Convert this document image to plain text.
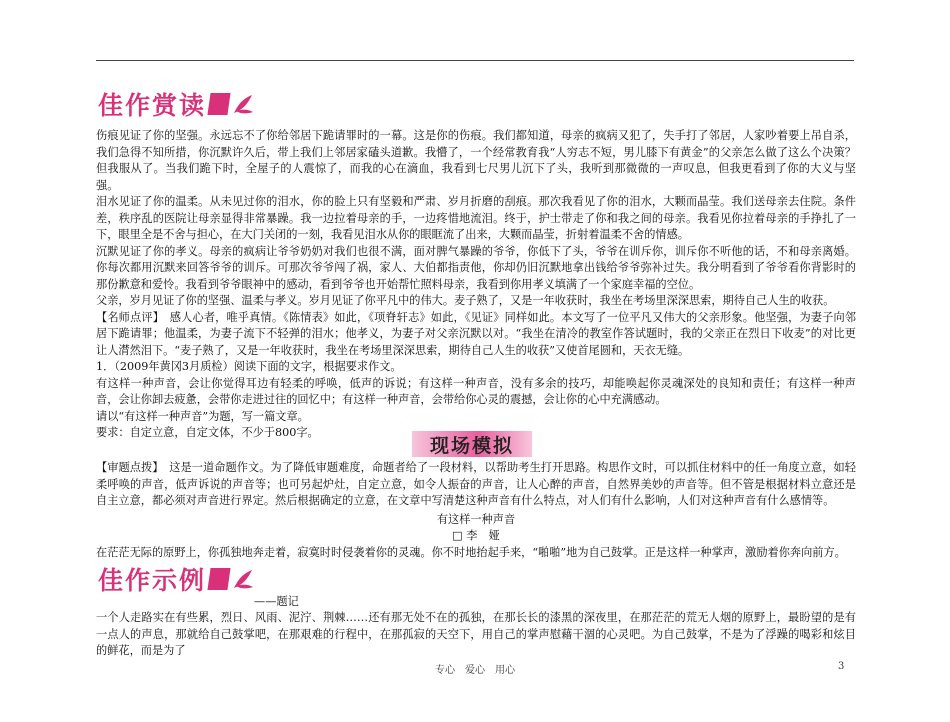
佳作赏读

伤痕见证了你的坚强。永远忘不了你给邻居下跪请罪时的一幕。这是你的伤痕。我们都知道，母亲的疯病又犯了，失手打了邻居，人家吵着要上吊自杀，我们急得不知所措，你沉默许久后，带上我们上邻居家磕头道歉。我懵了，一个经常教育我“人穷志不短，男儿膝下有黄金”的父亲怎么做了这么个决策？但我服从了。当我们跪下时，全屋子的人震惊了，而我的心在滴血，我看到七尺男儿沉下了头，我听到那微微的一声叹息，但我更看到了你的大义与坚强。

泪水见证了你的温柔。从未见过你的泪水，你的脸上只有坚毅和严肃、岁月折磨的刮痕。那次我看见了你的泪水，大颗而晶莹。我们送母亲去住院。条件差，秩序乱的医院让母亲显得非常暴躁。我一边拉着母亲的手，一边疼惜地流泪。终于，护士带走了你和我之间的母亲。我看见你拉着母亲的手挣扎了一下，眼里全是不舍与担心，在大门关闭的一刻，我看见泪水从你的眼眶流了出来，大颗而晶莹，折射着温柔不舍的情感。

沉默见证了你的孝义。母亲的疯病让爷爷奶奶对我们也很不满，面对脾气暴躁的爷爷，你低下了头，爷爷在训斥你，训斥你不听他的话，不和母亲离婚。你每次都用沉默来回答爷爷的训斥。可那次爷爷闯了祸，家人、大伯都指责他，你却仍旧沉默地拿出钱给爷爷弥补过失。我分明看到了爷爷看你背影时的那份歉意和爱怜。我看到爷爷眼神中的感动，看到爷爷也开始帮忙照料母亲，我看到你用孝义填满了一个家庭幸福的空位。

父亲，岁月见证了你的坚强、温柔与孝义。岁月见证了你平凡中的伟大。麦子熟了，又是一年收获时，我坐在考场里深深思索，期待自己人生的收获。

【名师点评】　感人心者，唯乎真情。《陈情表》如此，《项脊轩志》如此，《见证》同样如此。本文写了一位平凡又伟大的父亲形象。他坚强，为妻子向邻居下跪请罪；他温柔，为妻子流下不轻弹的泪水；他孝义，为妻子对父亲沉默以对。“我坐在清冷的教室作答试题时，我的父亲正在烈日下收麦”的对比更让人潸然泪下。“麦子熟了，又是一年收获时，我坐在考场里深深思索，期待自己人生的收获”又使首尾圆和，天衣无缝。

1．（2009年黄冈3月质检）阅读下面的文字，根据要求作文。

有这样一种声音，会让你觉得耳边有轻柔的呼唤，低声的诉说；有这样一种声音，没有多余的技巧，却能唤起你灵魂深处的良知和责任；有这样一种声音，会让你卸去疲惫，会带你走进过往的回忆中；有这样一种声音，会带给你心灵的震撼，会让你的心中充满感动。

请以“有这样一种声音”为题，写一篇文章。

要求：自定立意，自定文体，不少于800字。

现场模拟

【审题点拨】　这是一道命题作文。为了降低审题难度，命题者给了一段材料，以帮助考生打开思路。构思作文时，可以抓住材料中的任一角度立意，如轻柔呼唤的声音，低声诉说的声音等；也可另起炉灶，自定立意，如令人振奋的声音，让人心醉的声音，自然界美妙的声音等。但不管是根据材料立意还是自主立意，都必须对声音进行界定。然后根据确定的立意，在文章中写清楚这种声音有什么特点，对人们有什么影响，人们对这种声音有什么感情等。

有这样一种声音

□ 李　娅

在茫茫无际的原野上，你孤独地奔走着，寂寞时时侵袭着你的灵魂。你不时地抬起手来，“啪啪”地为自己鼓掌。正是这样一种掌声，激励着你奔向前方。

佳作示例

——题记

一个人走路实在有些累，烈日、风雨、泥泞、荆棘……还有那无处不在的孤独，在那长长的漆黑的深夜里，在那茫茫的荒无人烟的原野上，最盼望的是有一点人的声息，那就给自己鼓掌吧，在那艰难的行程中，在那孤寂的天空下，用自己的掌声慰藉干涸的心灵吧。为自己鼓掌，不是为了浮躁的喝彩和炫目的鲜花，而是为了

专心　爱心　用心	3
